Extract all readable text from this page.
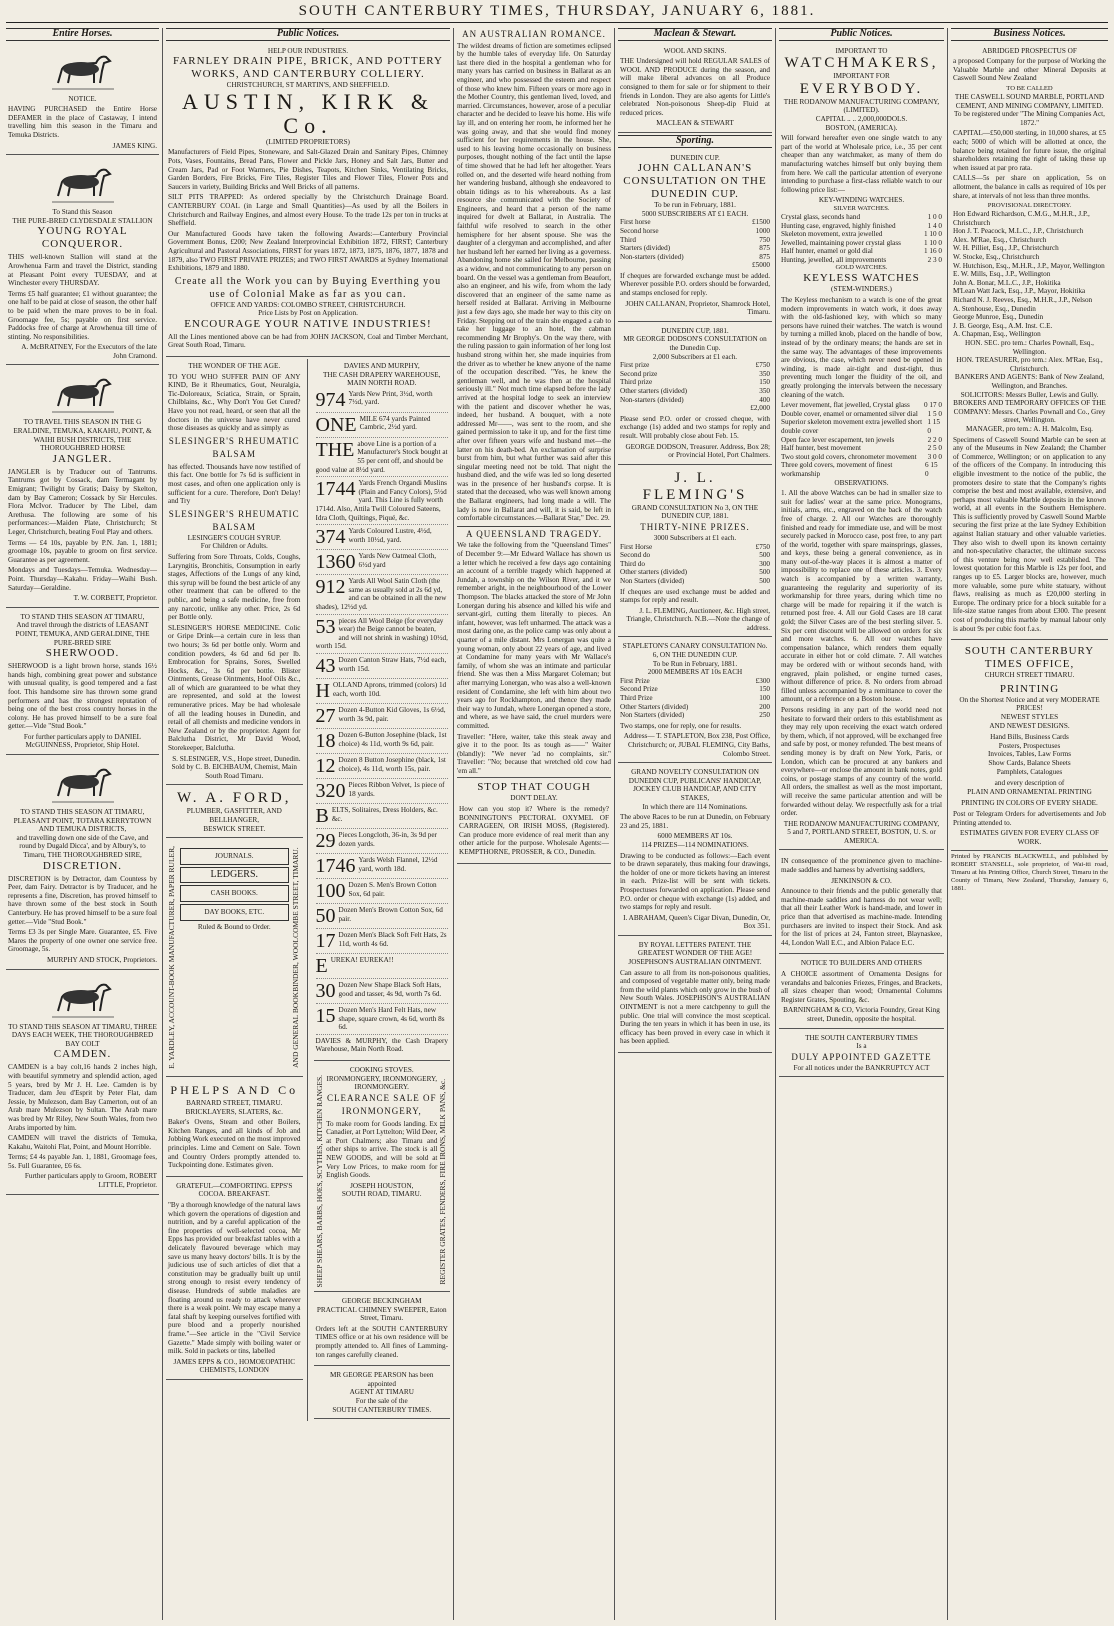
SOUTH CANTERBURY TIMES, THURSDAY, JANUARY 6, 1881.
Entire Horses.
NOTICE.

HAVING PURCHASED the Entire Horse DEFAMER in the place of Castaway, I intend travelling him this season in the Timaru and Temuka Districts.

JAMES KING.
To Stand this Season
THE PURE-BRED CLYDESDALE STALLION
YOUNG ROYAL CONQUEROR.

THIS well-known Stallion will stand at the Arowhenua Farm and travel the District, standing at Pleasant Point every TUESDAY, and at Winchester every THURSDAY.

Terms £5 half guarantee; £1 without guarantee; the one half to be paid at close of season, the other half to be paid when the mare proves to be in foal. Groomage fee, 5s; payable on first service. Paddocks free of charge at Arowhenua till time of stinting. No responsibilities.

A. McBRATNEY, For the Executors of the late John Cramond.
TO TRAVEL THIS SEASON IN THE G ERALDINE, TEMUKA, KAKAHU, POINT, & WAIHI BUSH DISTRICTS, THE THOROUGHBRED HORSE
JANGLER.

JANGLER is by Traducer out of Tantrums. Tantrums got by Cossack, dam Termagant by Emigrant; Twilight by Gratis; Daisy by Skelton, dam by Bay Cameron; Cossack by Sir Hercules. Flora McIvor. Traducer by The Libel, dam Arethusa. The following are some of his performances:—Maiden Plate, Christchurch; St Leger, Christchurch, beating Foul Play and others.

Terms — £4 10s, payable by P.N. Jan. 1, 1881; groomage 10s, payable to groom on first service. Guarantee as per agreement.

Mondays and Tuesdays—Temuka. Wednesday—Point. Thursday—Kakahu. Friday—Waihi Bush. Saturday—Geraldine.

T. W. CORBETT, Proprietor.
TO STAND THIS SEASON AT TIMARU,
And travel through the districts of LEASANT POINT, TEMUKA, AND GERALDINE, THE PURE-BRED SIRE
SHERWOOD.

SHERWOOD is a light brown horse, stands 16½ hands high, combining great power and substance with unusual quality, is good tempered and a fast foot. This handsome sire has thrown some grand performers and has the strongest reputation of being one of the best cross country horses in the colony. He has proved himself to be a sure foal getter.—Vide "Stud Book."

For further particulars apply to DANIEL McGUINNESS, Proprietor, Ship Hotel.
TO STAND THIS SEASON AT TIMARU, PLEASANT POINT, TOTARA KERRYTOWN AND TEMUKA DISTRICTS,
and travelling down one side of the Cave, and round by Dugald Dicca', and by Albury's, to Timaru, THE THOROUGHBRED SIRE,
DISCRETION.

DISCRETION is by Detractor, dam Countess by Peer, dam Fairy. Detractor is by Traducer, and he represents a fine, Discretion, has proved himself to have thrown some of the best stock in South Canterbury. He has proved himself to be a sure foal getter.—Vide "Stud Book."

Terms £3 3s per Single Mare. Guarantee, £5. Five Mares the property of one owner one service free. Groomage, 5s.

MURPHY AND STOCK, Proprietors.
TO STAND THIS SEASON AT TIMARU, THREE DAYS EACH WEEK, THE THOROUGHBRED BAY COLT
CAMDEN.

CAMDEN is a bay colt,16 hands 2 inches high, with beautiful symmetry and splendid action, aged 5 years, bred by Mr J. H. Lee. Camden is by Traducer, dam Jeu d'Esprit by Peter Flat, dam Jessie, by Mulezson, dam Bay Camerton, out of an Arab mare Mulezson by Sultan. The Arab mare was bred by Mr Riley, New South Wales, from two Arabs imported by him.

CAMDEN will travel the districts of Temuka, Kakahu, Waitohi Flat, Point, and Mount Horrible.

Terms; £4 4s payable Jan. 1, 1881, Groomage fees, 5s. Full Guarantee, £6 6s.

Further particulars apply to Groom, ROBERT LITTLE, Proprietor.
Public Notices.
HELP OUR INDUSTRIES.
FARNLEY DRAIN PIPE, BRICK, AND POTTERY WORKS, AND CANTERBURY COLLIERY.
CHRISTCHURCH, ST MARTIN'S, AND SHEFFIELD.
AUSTIN, KIRK & Co.
(LIMITED PROPRIETORS)

Manufacturers of Field Pipes, Stoneware, and Salt-Glazed Drain and Sanitary Pipes, Chimney Pots, Vases, Fountains, Bread Pans, Flower and Pickle Jars, Honey and Salt Jars, Butter and Cream Jars, Pad or Foot Warmers, Pie Dishes, Teapots, Kitchen Sinks, Ventilating Bricks, Garden Borders, Fire Bricks, Fire Tiles, Register Tiles and Flower Tiles, Flower Pots and Saucers in variety, Building Bricks and Well Bricks of all patterns.

SILT PITS TRAPPED: As ordered specially by the Christchurch Drainage Board. CANTERBURY COAL (in Large and Small Quantities)—As used by all the Boilers in Christchurch and Railway Engines, and almost every House. To the trade 12s per ton in trucks at Sheffield.

Our Manufactured Goods have taken the following Awards:—Canterbury Provincial Government Bonus, £200; New Zealand Interprovincial Exhibition 1872, FIRST; Canterbury Agricultural and Pastoral Associations, FIRST for years 1872, 1873, 1875, 1876, 1877, 1878 and 1879, also TWO FIRST PRIVATE PRIZES; and TWO FIRST AWARDS at Sydney International Exhibitions, 1879 and 1880.

Create all the Work you can by Buying Everthing you use of Colonial Make as far as you can.
OFFICE AND YARDS: COLOMBO STREET, CHRISTCHURCH.
Price Lists by Post on Application.
ENCOURAGE YOUR NATIVE INDUSTRIES!

All the Lines mentioned above can be had from JOHN JACKSON, Coal and Timber Merchant, Great South Road, Timaru.

THE WONDER OF THE AGE.

TO YOU WHO SUFFER PAIN OF ANY KIND, Be it Rheumatics, Gout, Neuralgia, Tic-Doloreaux, Sciatica, Strain, or Sprain, Chilblains, &c., Why Don't You Get Cured? Have you not read, heard, or seen that all the doctors in the universe have never cured those diseases as quickly and as simply as

SLESINGER'S RHEUMATIC BALSAM

has effected. Thousands have now testified of this fact. One bottle for 7s 6d is sufficient in most cases, and often one application only is sufficient for a cure. Therefore, Don't Delay! and Try

SLESINGER'S RHEUMATIC BALSAM
LESINGER'S COUGH SYRUP.
For Children or Adults.

Suffering from Sore Throats, Colds, Coughs, Laryngitis, Bronchitis, Consumption in early stages, Affections of the Lungs of any kind, this syrup will be found the best article of any other treatment that can be offered to the public, and being a safe medicine, free from any narcotic, unlike any other. Price, 2s 6d per Bottle only.

SLESINGER'S HORSE MEDICINE. Colic or Gripe Drink—a certain cure in less than two hours; 3s 6d per bottle only. Worm and condition powders, 4s 6d and 6d per lb. Embrocation for Sprains, Sores, Swelled Hocks, &c., 3s 6d per bottle. Blister Ointments, Grease Ointments, Hoof Oils &c., all of which are guaranteed to be what they are represented, and sold at the lowest remunerative prices. May be had wholesale of all the leading houses in Dunedin, and retail of all chemists and medicine vendors in New Zealand or by the proprietor. Agent for Balclutha District, Mr David Wood, Storekeeper, Balclutha.

S. SLESINGER, V.S., Hope street, Dunedin.
Sold by C. B. EICHBAUM, Chemist, Main South Road Timaru.
W. A. FORD,
PLUMBER, GASFITTER, AND BELLHANGER,
BESWICK STREET.
E. YARDLEY, ACCOUNT-BOOK MANUFACTURER, PAPER RULER,	JOURNALS.
LEDGERS.
CASH BOOKS.
DAY BOOKS, ETC.
Ruled & Bound to Order.	AND GENERAL BOOKBINDER, WOOLCOMBE STREET, TIMARU.
PHELPS AND Co
BARNARD STREET, TIMARU. BRICKLAYERS, SLATERS, &c.

Baker's Ovens, Steam and other Boilers, Kitchen Ranges, and all kinds of Job and Jobbing Work executed on the most improved principles. Lime and Cement on Sale. Town and Country Orders promptly attended to. Tuckpointing done. Estimates given.

GRATEFUL—COMFORTING. EPPS'S COCOA. BREAKFAST.

"By a thorough knowledge of the natural laws which govern the operations of digestion and nutrition, and by a careful application of the fine properties of well-selected cocoa, Mr Epps has provided our breakfast tables with a delicately flavoured beverage which may save us many heavy doctors' bills. It is by the judicious use of such articles of diet that a constitution may be gradually built up until strong enough to resist every tendency of disease. Hundreds of subtle maladies are floating around us ready to attack wherever there is a weak point. We may escape many a fatal shaft by keeping ourselves fortified with pure blood and a properly nourished frame."—See article in the "Civil Service Gazette." Made simply with boiling water or milk. Sold in packets or tins, labelled

JAMES EPPS & CO., HOMOEOPATHIC CHEMISTS, LONDON
DAVIES AND MURPHY,
THE CASH DRAPERY WAREHOUSE,
MAIN NORTH ROAD.
974 Yards New Print, 3½d, worth 7½d, yard.
ONE MILE 674 yards Painted Cambric, 2½d yard.
THE above Line is a portion of a Manufacturer's Stock bought at 55 per cent off, and should be good value at 8½d yard.
1744 Yards French Organdi Muslins (Plain and Fancy Colors), 5½d yard. This Line is fully worth 1714d. Also, Attila Twill Coloured Sateens, Idra Cloth, Quiltings, Piqué, &c.
374 Yards Coloured Lustre, 4½d, worth 10½d, yard.
1360 Yards New Oatmeal Cloth, 6½d yard
912 Yards All Wool Satin Cloth (the same as usually sold at 2s 6d yd, and can be obtained in all the new shades), 12½d yd.
53 pieces All Wool Beige (for everyday wear) the Beige cannot be beaten, and will not shrink in washing) 10½d, worth 15d.
43 Dozen Canton Straw Hats, 7½d each, worth 15d.
HOLLAND Aprons, trimmed (colors) 1d each, worth 10d.
27 Dozen 4-Button Kid Gloves, 1s 6½d, worth 3s 9d, pair.
18 Dozen 6-Button Josephine (black, 1st choice) 4s 11d, worth 9s 6d, pair.
12 Dozen 8 Button Josephine (black, 1st choice), 4s 11d, worth 15s, pair.
320 Pieces Ribbon Velvet, 1s piece of 18 yards.
BELTS, Solitaires, Dress Holders, &c. &c.
29 Pieces Longcloth, 36-in, 3s 9d per dozen yards.
1746 Yards Welsh Flannel, 12½d yard, worth 18d.
100 Dozen S. Men's Brown Cotton Sox, 6d pair.
50 Dozen Men's Brown Cotton Sox, 6d pair.
17 Dozen Men's Black Soft Felt Hats, 2s 11d, worth 4s 6d.
EUREKA! EUREKA!!
30 Dozen New Shape Black Soft Hats, good and tasser, 4s 9d, worth 7s 6d.
15 Dozen Men's Hard Felt Hats, new shape, square crown, 4s 6d, worth 8s 6d.

DAVIES & MURPHY, the Cash Drapery Warehouse, Main North Road.

COOKING STOVES.
SHEEP SHEARS, BARBS, HOES, SCYTHES, KITCHEN RANGES. IRONMONGERY, IRONMONGERY, IRONMONGERY.
CLEARANCE SALE OF IRONMONGERY,

To make room for Goods landing. Ex Canadier, at Port Lyttelton; Wild Deer, at Port Chalmers; also Timaru and other ships to arrive. The stock is all NEW GOODS, and will be sold at Very Low Prices, to make room for English Goods.

JOSEPH HOUSTON,
SOUTH ROAD, TIMARU.	REGISTER GRATES, FENDERS, FIRE IRONS, MILK PANS, &c.
GEORGE BECKINGHAM
PRACTICAL CHIMNEY SWEEPER, Eaton Street, Timaru.

Orders left at the SOUTH CANTERBURY TIMES office or at his own residence will be promptly attended to. All fines of Lamming-ton ranges carefully cleaned.

MR GEORGE PEARSON has been appointed
AGENT AT TIMARU
For the sale of the
SOUTH CANTERBURY TIMES.
AN AUSTRALIAN ROMANCE.

The wildest dreams of fiction are sometimes eclipsed by the humble tales of everyday life. On Saturday last there died in the hospital a gentleman who for many years has carried on business in Ballarat as an engineer, and who possessed the esteem and respect of those who knew him. Fifteen years or more ago in the Mother Country, this gentleman lived, loved, and married. Circumstances, however, arose of a peculiar character and he decided to leave his home. His wife lay ill, and on entering her room, he informed her he was going away, and that she would find money sufficient for her requirements in the house. She, used to his leaving home occasionally on business purposes, thought nothing of the fact until the lapse of time showed that he had left her altogether. Years rolled on, and the deserted wife heard nothing from her wandering husband, although she endeavored to obtain tidings as to his whereabouts. As a last resource she communicated with the Society of Engineers, and heard that a person of the name inquired for dwelt at Ballarat, in Australia. The faithful wife resolved to search in the other hemisphere for her absent spouse. She was the daughter of a clergyman and accomplished, and after her husband left her earned her living as a governess. Abandoning home she sailed for Melbourne, passing as a widow, and not communicating to any person on board. On the vessel was a gentleman from Beaufort, also an engineer, and his wife, from whom the lady discovered that an engineer of the same name as herself resided at Ballarat. Arriving in Melbourne just a few days ago, she made her way to this city on Friday. Stepping out of the train she engaged a cab to take her luggage to an hotel, the cabman recommending Mr Brophy's. On the way there, with the ruling passion to gain information of her long lost husband strong within her, she made inquiries from the driver as to whether he knew anyone of the name of the occupation described. "Yes, he knew the gentleman well, and he was then at the hospital seriously ill." Not much time elapsed before the lady arrived at the hospital lodge to seek an interview with the patient and discover whether he was, indeed, her husband. A bouquet, with a note addressed Mr——, was sent to the room, and she gained permission to take it up, and for the first time after over fifteen years wife and husband met—the latter on his death-bed. An exclamation of surprise burst from him, but what further was said after this singular meeting need not be told. That night the husband died, and the wife was led so long deserted was in the presence of her husband's corpse. It is stated that the deceased, who was well known among the Ballarat engineers, had long made a will. The lady is now in Ballarat and will, it is said, be left in comfortable circumstances.—Ballarat Star," Dec. 29.

A QUEENSLAND TRAGEDY.

We take the following from the "Queensland Times" of December 9:—Mr Edward Wallace has shown us a letter which he received a few days ago containing an account of a terrible tragedy which happened at Jundah, a township on the Wilson River, and it we remember aright, in the neighbourhood of the Lower Thompson. The blacks attacked the store of Mr John Lonergan during his absence and killed his wife and servant-girl, cutting them literally to pieces. An infant, however, was left unharmed. The attack was a most daring one, as the police camp was only about a quarter of a mile distant. Mrs Lonergan was quite a young woman, only about 22 years of age, and lived at Condamine for many years with Mr Wallace's family, of whom she was an intimate and particular friend. She was then a Miss Margaret Coleman; but after marrying Lonergan, who was also a well-known resident of Condamine, she left with him about two years ago for Rockhampton, and thence they made their way to Jundah, where Lonergan opened a store, and where, as we have said, the cruel murders were committed.

Traveller: "Here, waiter, take this steak away and give it to the poor. Its as tough as——" Waiter (blandly): "We never 'ad no complaints, sir." Traveller: "No; because that wretched old cow had 'em all."

STOP THAT COUGH
DON'T DELAY.

How can you stop it? Where is the remedy? BONNINGTON'S PECTORAL OXYMEL OF CARRAGEEN, OR IRISH MOSS, (Registered). Can produce more evidence of real merit than any other article for the purpose. Wholesale Agents:— KEMPTHORNE, PROSSER, & CO., Dunedin.

Maclean & Stewart.
WOOL AND SKINS.

THE Undersigned will hold REGULAR SALES of WOOL AND PRODUCE during the season, and will make liberal advances on all Produce consigned to them for sale or for shipment to their friends in London. They are also agents for Little's celebrated Non-poisonous Sheep-dip Fluid at reduced prices.

MACLEAN & STEWART
Sporting.
DUNEDIN CUP.
JOHN CALLANAN'S CONSULTATION ON THE DUNEDIN CUP.
To be run in February, 1881.
5000 SUBSCRIBERS AT £1 EACH.
First horse	£1500
Second horse	1000
Third	750
Starters (divided)	875
Non-starters (divided)	875
£5000

If cheques are forwarded exchange must be added. Wherever possible P.O. orders should be forwarded, and stamps enclosed for reply.

JOHN CALLANAN, Proprietor, Shamrock Hotel, Timaru.
DUNEDIN CUP, 1881.
MR GEORGE DODSON'S CONSULTATION on the Dunedin Cup.
2,000 Subscribers at £1 each.
First prize	£750
Second prize	350
Third prize	150
Other starters (divided)	350
Non-starters (divided)	400
£2,000

Please send P.O. order or crossed cheque, with exchange (1s) added and two stamps for reply and result. Will probably close about Feb. 15.

GEORGE DODSON, Treasurer. Address, Box 28; or Provincial Hotel, Port Chalmers.
J. L. FLEMING'S
GRAND CONSULTATION No 3, ON THE DUNEDIN CUP, 1881.
THIRTY-NINE PRIZES.
3000 Subscribers at £1 each.
First Horse	£750
Second do	500
Third do	300
Other starters (divided)	500
Non Starters (divided)	500

If cheques are used exchange must be added and stamps for reply and result.

J. L. FLEMING, Auctioneer, &c. High street, Triangle, Christchurch. N.B.—Note the change of address.
STAPLETON'S CANARY CONSULTATION No. 6, ON THE DUNEDIN CUP.
To be Run in February, 1881.
2000 MEMBERS AT 10s EACH
First Prize	£300
Second Prize	150
Third Prize	100
Other Starters (divided)	200
Non Starters (divided)	250

Two stamps, one for reply, one for results.

Address— T. STAPLETON, Box 238, Post Office, Christchurch; or, JUBAL FLEMING, City Baths, Colombo Street.
GRAND NOVELTY CONSULTATION ON DUNEDIN CUP, PUBLICANS' HANDICAP, JOCKEY CLUB HANDICAP, AND CITY STAKES,
In which there are 114 Nominations.

The above Races to be run at Dunedin, on February 23 and 25, 1881.

6000 MEMBERS AT 10s.
114 PRIZES—114 NOMINATIONS.

Drawing to be conducted as follows:—Each event to be drawn separately, thus making four drawings, the holder of one or more tickets having an interest in each. Prize-list will be sent with tickets. Prospectuses forwarded on application. Please send P.O. order or cheque with exchange (1s) added, and two stamps for reply and result.

I. ABRAHAM, Queen's Cigar Divan, Dunedin, Or, Box 351.
BY ROYAL LETTERS PATENT. THE GREATEST WONDER OF THE AGE! JOSEPHSON'S AUSTRALIAN OINTMENT.

Can assure to all from its non-poisonous qualities, and composed of vegetable matter only, being made from the wild plants which only grow in the bush of New South Wales. JOSEPHSON'S AUSTRALIAN OINTMENT is not a mere catchpenny to gull the public. One trial will convince the most sceptical. During the ten years in which it has been in use, its efficacy has been proved in every case in which it has been applied.

Public Notices.
IMPORTANT TO
WATCHMAKERS,
IMPORTANT FOR
EVERYBODY.
THE RODANOW MANUFACTURING COMPANY, (LIMITED).
CAPITAL .. .. 2,000,000DOLS.
BOSTON, (AMERICA).

Will forward hereafter even one single watch to any part of the world at Wholesale price, i.e., 35 per cent cheaper than any watchmaker, as many of them do manufacturing watches himself but only buying them from here. We call the particular attention of everyone intending to purchase a first-class reliable watch to our following price list:—

KEY-WINDING WATCHES.
SILVER WATCHES.
Crystal glass, seconds hand	1 0 0
Hunting case, engraved, highly finished	1 4 0
Skeleton movement, extra jewelled	1 10 0
Jewelled, maintaining power crystal glass	1 10 0
Half hunter, enamel or gold dial	1 16 0
Hunting, jewelled, all improvements	2 3 0
GOLD WATCHES.
KEYLESS WATCHES
(STEM-WINDERS.)

The Keyless mechanism to a watch is one of the great modern improvements in watch work, it does away with the old-fashioned key, with which so many persons have ruined their watches. The watch is wound by turning a milled knob, placed on the handle of bow, instead of by the ordinary means; the hands are set in the same way. The advantages of these improvements are obvious, the case, which never need be opened in winding, is made air-tight and dust-tight, thus preventing much longer the fluidity of the oil, and greatly prolonging the intervals between the necessary cleaning of the watch.

Lever movement, flat jewelled, Crystal glass 0 17 0
Double cover, enamel or ornamented silver dial 1 5 0
Superior skeleton movement extra jewelled short double cover
1 15 0
Open face lever escapement, ten jewels	2 2 0
Half hunter, best movement	2 5 0
Two stout gold covers, chronometer movement 3 0 0
Three gold covers, movement of finest workmanship
6 15 0
OBSERVATIONS.

1. All the above Watches can be had in smaller size to suit for ladies' wear at the same price. Monograms, initials, arms, etc., engraved on the back of the watch free of charge. 2. All our Watches are thoroughly finished and ready for immediate use, and will be most securely packed in Morocco case, post free, to any part of the world, together with spare mainsprings, glasses, and keys, these being a general convenience, as in many out-of-the-way places it is almost a matter of impossibility to replace one of these articles. 3. Every watch is accompanied by a written warranty, guaranteeing the regularity and superiority of its workmanship for three years, during which time no charge will be made for repairing it if the watch is returned post free. 4. All our Gold Cases are 18 carat gold; the Silver Cases are of the best sterling silver. 5. Six per cent discount will be allowed on orders for six and more watches. 6. All our watches have compensation balance, which renders them equally accurate in either hot or cold climate. 7. All watches may be ordered with or without seconds hand, with engraved, plain polished, or engine turned cases, without difference of price. 8. No orders from abroad filled unless accompanied by a remittance to cover the amount, or a reference on a Boston house.

Persons residing in any part of the world need not hesitate to forward their orders to this establishment as they may rely upon receiving the exact watch ordered by them, which, if not approved, will be exchanged free and safe by post, or money refunded. The best means of sending money is by draft on New York, Paris, or London, which can be procured at any bankers and everywhere—or enclose the amount in bank notes, gold coins, or postage stamps of any country of the world. All orders, the smallest as well as the most important, will receive the same particular attention and will be forwarded without delay. We respectfully ask for a trial order.

THE RODANOW MANUFACTURING COMPANY,
5 and 7, PORTLAND STREET, BOSTON, U. S. or AMERICA.

IN consequence of the prominence given to machine-made saddles and harness by advertising saddlers,

JENKINSON & CO.

Announce to their friends and the public generally that machine-made saddles and harness do not wear well; that all their Leather Work is hand-made, and lower in price than that advertised as machine-made. Intending purchasers are invited to inspect their Stock. And ask for the list of prices at 24, Fanton street, Blaynaskee, 44, London Wall E.C., and Albion Palace E.C.

NOTICE TO BUILDERS AND OTHERS

A CHOICE assortment of Ornamenta Designs for verandahs and balconies Friezes, Fringes, and Brackets, all sizes cheaper than wood; Ornamental Columns Register Grates, Spouting, &c.

BARNINGHAM & CO, Victoria Foundry, Great King street, Dunedin, opposite the hospital.
THE SOUTH CANTERBURY TIMES
Is a
DULY APPOINTED GAZETTE
For all notices under the BANKRUPTCY ACT
Business Notices.
ABRIDGED PROSPECTUS OF

a proposed Company for the purpose of Working the Valuable Marble and other Mineral Deposits at Caswell Sound New Zealand

TO BE CALLED
THE CASWELL SOUND MARBLE, PORTLAND CEMENT, AND MINING COMPANY, LIMITED.
To be registered under "The Mining Companies Act, 1872."

CAPITAL—£50,000 sterling, in 10,000 shares, at £5 each; 5000 of which will be allotted at once, the balance being retained for future issue, the original shareholders retaining the right of taking these up when issued at par pro rata.

CALLS—5s per share on application, 5s on allotment, the balance in calls as required of 10s per share, at intervals of not less than three months.

PROVISIONAL DIRECTORY.
Hon Edward Richardson, C.M.G., M.H.R., J.P., Christchurch
Hon J. T. Peacock, M.L.C., J.P., Christchurch
Alex. M'Rae, Esq., Christchurch
W. H. Pilliet, Esq., J.P., Christchurch
W. Stocke, Esq., Christchurch
W. Hutchison, Esq., M.H.R., J.P., Mayor, Wellington
E. W. Mills, Esq., J.P., Wellington
John A. Bonar, M.L.C., J.P., Hokitika
M'Lean Watt Jack, Esq., J.P., Mayor, Hokitika
Richard N. J. Reeves, Esq., M.H.R., J.P., Nelson
A. Stenhouse, Esq., Dunedin
George Munroe, Esq., Dunedin
J. B. George, Esq., A.M. Inst. C.E.
A. Chapman, Esq., Wellington
HON. SEC. pro tem.: Charles Pownall, Esq., Wellington.
HON. TREASURER, pro tem.: Alex. M'Rae, Esq., Christchurch.
BANKERS AND AGENTS: Bank of New Zealand, Wellington, and Branches.
SOLICITORS: Messrs Buller, Lewis and Gully.
BROKERS AND TEMPORARY OFFICES OF THE COMPANY: Messrs. Charles Pownall and Co., Grey street, Wellington.
MANAGER, pro tem.: A. H. Malcolm, Esq.

Specimens of Caswell Sound Marble can be seen at any of the Museums in New Zealand; the Chamber of Commerce, Wellington; or on application to any of the officers of the Company. In introducing this eligible investment to the notice of the public, the promoters desire to state that the Company's rights comprise the best and most available, extensive, and perhaps most valuable Marble deposits in the known world, at all events in the Southern Hemisphere. This is sufficiently proved by Caswell Sound Marble securing the first prize at the late Sydney Exhibition against Italian statuary and other valuable varieties. They also wish to dwell upon its known certainty and non-speculative character, the ultimate success of this venture being now well established. The lowest quotation for this Marble is 12s per foot, and ranges up to £5. Larger blocks are, however, much more valuable, some pure white statuary, without flaws, realising as much as £20,000 sterling in Europe. The ordinary price for a block suitable for a life-size statue ranges from about £300. The present cost of producing this marble by manual labour only is about 9s per cubic foot f.a.s.

SOUTH CANTERBURY TIMES OFFICE,
CHURCH STREET TIMARU.
PRINTING
On the Shortest Notice and at very MODERATE PRICES!
NEWEST STYLES
AND NEWEST DESIGNS.
Hand Bills, Business Cards
Posters, Prospectuses
Invoices, Tables, Law Forms
Show Cards, Balance Sheets
Pamphlets, Catalogues
and every description of
PLAIN AND ORNAMENTAL PRINTING
PRINTING IN COLORS OF EVERY SHADE.

Post or Telegram Orders for advertisements and Job Printing attended to.

ESTIMATES GIVEN FOR EVERY CLASS OF WORK.

Printed by FRANCIS BLACKWELL, and published by ROBERT STANSELL, sole proprietor, of Wai-iti road, Timaru at his Printing Office, Church Street, Timaru in the County of Timaru, New Zealand, Thursday, January 6, 1881.
